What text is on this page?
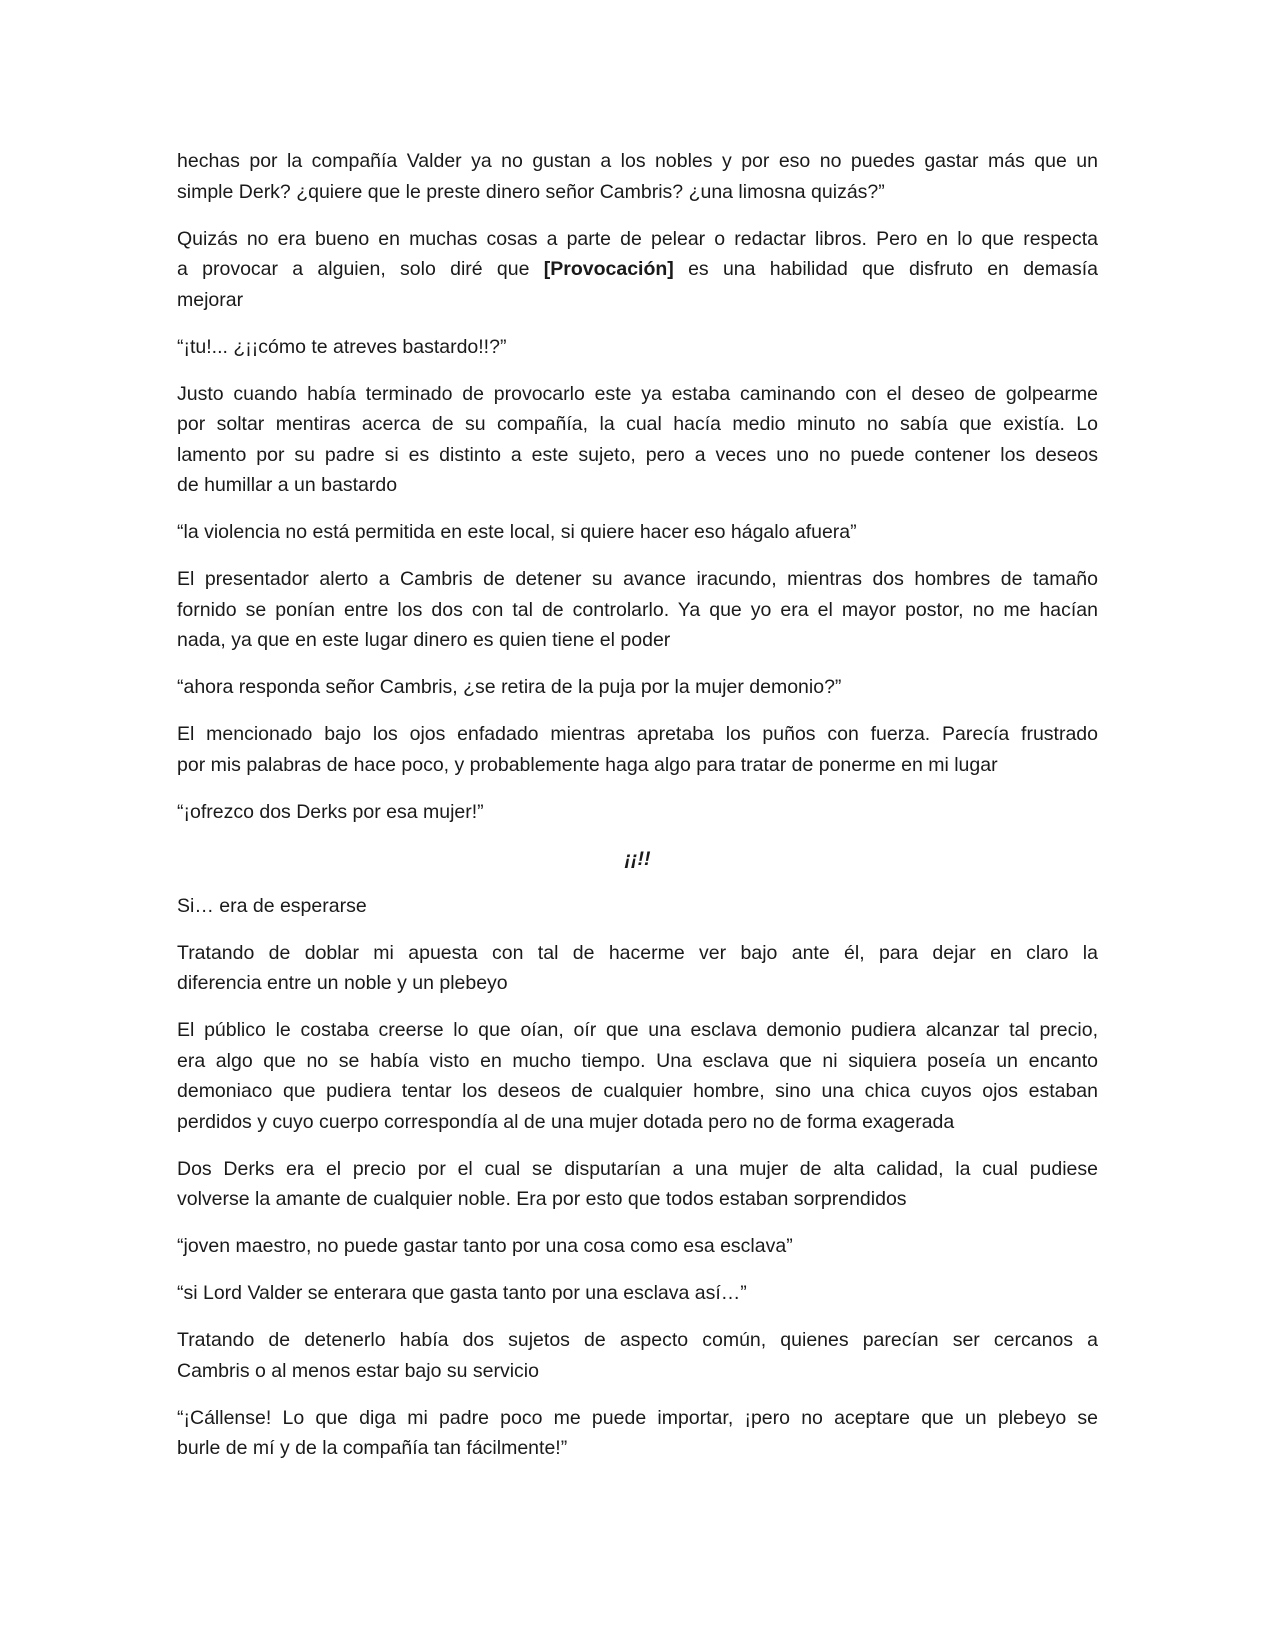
hechas por la compañía Valder ya no gustan a los nobles y por eso no puedes gastar más que un
simple Derk? ¿quiere que le preste dinero señor Cambris? ¿una limosna quizás?”
Quizás no era bueno en muchas cosas a parte de pelear o redactar libros. Pero en lo que respecta
a provocar a alguien, solo diré que [Provocación] es una habilidad que disfruto en demasía
mejorar
“¡tu!... ¿¡¡cómo te atreves bastardo!!?”
Justo cuando había terminado de provocarlo este ya estaba caminando con el deseo de golpearme
por soltar mentiras acerca de su compañía, la cual hacía medio minuto no sabía que existía. Lo
lamento por su padre si es distinto a este sujeto, pero a veces uno no puede contener los deseos
de humillar a un bastardo
“la violencia no está permitida en este local, si quiere hacer eso hágalo afuera”
El presentador alerto a Cambris de detener su avance iracundo, mientras dos hombres de tamaño
fornido se ponían entre los dos con tal de controlarlo. Ya que yo era el mayor postor, no me hacían
nada, ya que en este lugar dinero es quien tiene el poder
“ahora responda señor Cambris, ¿se retira de la puja por la mujer demonio?”
El mencionado bajo los ojos enfadado mientras apretaba los puños con fuerza. Parecía frustrado
por mis palabras de hace poco, y probablemente haga algo para tratar de ponerme en mi lugar
“¡ofrezco dos Derks por esa mujer!”
¡¡!!
Si… era de esperarse
Tratando de doblar mi apuesta con tal de hacerme ver bajo ante él, para dejar en claro la
diferencia entre un noble y un plebeyo
El público le costaba creerse lo que oían, oír que una esclava demonio pudiera alcanzar tal precio,
era algo que no se había visto en mucho tiempo. Una esclava que ni siquiera poseía un encanto
demoniaco que pudiera tentar los deseos de cualquier hombre, sino una chica cuyos ojos estaban
perdidos y cuyo cuerpo correspondía al de una mujer dotada pero no de forma exagerada
Dos Derks era el precio por el cual se disputarían a una mujer de alta calidad, la cual pudiese
volverse la amante de cualquier noble. Era por esto que todos estaban sorprendidos
“joven maestro, no puede gastar tanto por una cosa como esa esclava”
“si Lord Valder se enterara que gasta tanto por una esclava así…”
Tratando de detenerlo había dos sujetos de aspecto común, quienes parecían ser cercanos a
Cambris o al menos estar bajo su servicio
“¡Cállense! Lo que diga mi padre poco me puede importar, ¡pero no aceptare que un plebeyo se
burle de mí y de la compañía tan fácilmente!”
